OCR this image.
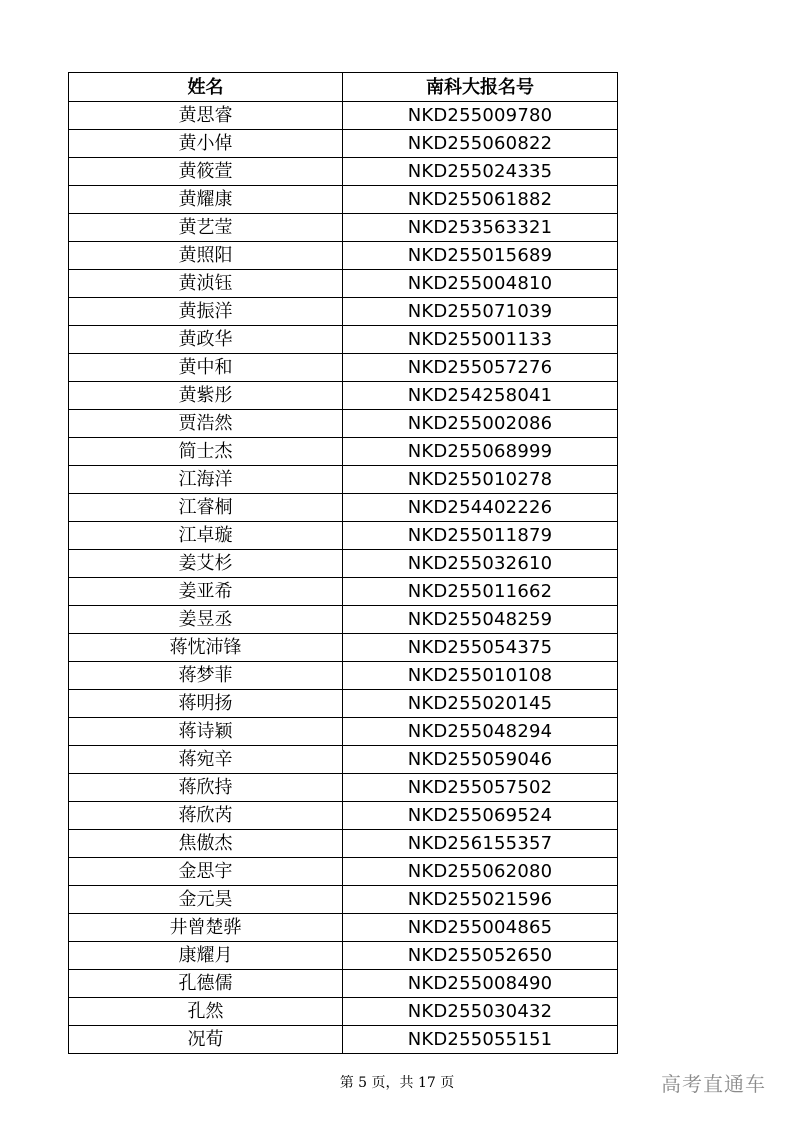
姓名	南科大报名号
黄思睿	NKD255009780
黄小倬	NKD255060822
黄筱萱	NKD255024335
黄耀康	NKD255061882
黄艺莹	NKD253563321
黄照阳	NKD255015689
黄浈钰	NKD255004810
黄振洋	NKD255071039
黄政华	NKD255001133
黄中和	NKD255057276
黄紫彤	NKD254258041
贾浩然	NKD255002086
简士杰	NKD255068999
江海洋	NKD255010278
江睿桐	NKD254402226
江卓璇	NKD255011879
姜艾杉	NKD255032610
姜亚希	NKD255011662
姜昱丞	NKD255048259
蒋忱沛锋	NKD255054375
蒋梦菲	NKD255010108
蒋明扬	NKD255020145
蒋诗颖	NKD255048294
蒋宛辛	NKD255059046
蒋欣持	NKD255057502
蒋欣芮	NKD255069524
焦傲杰	NKD256155357
金思宇	NKD255062080
金元昊	NKD255021596
井曾楚骅	NKD255004865
康耀月	NKD255052650
孔德儒	NKD255008490
孔然	NKD255030432
况荀	NKD255055151
第 5 页，共 17 页	高考直通车
